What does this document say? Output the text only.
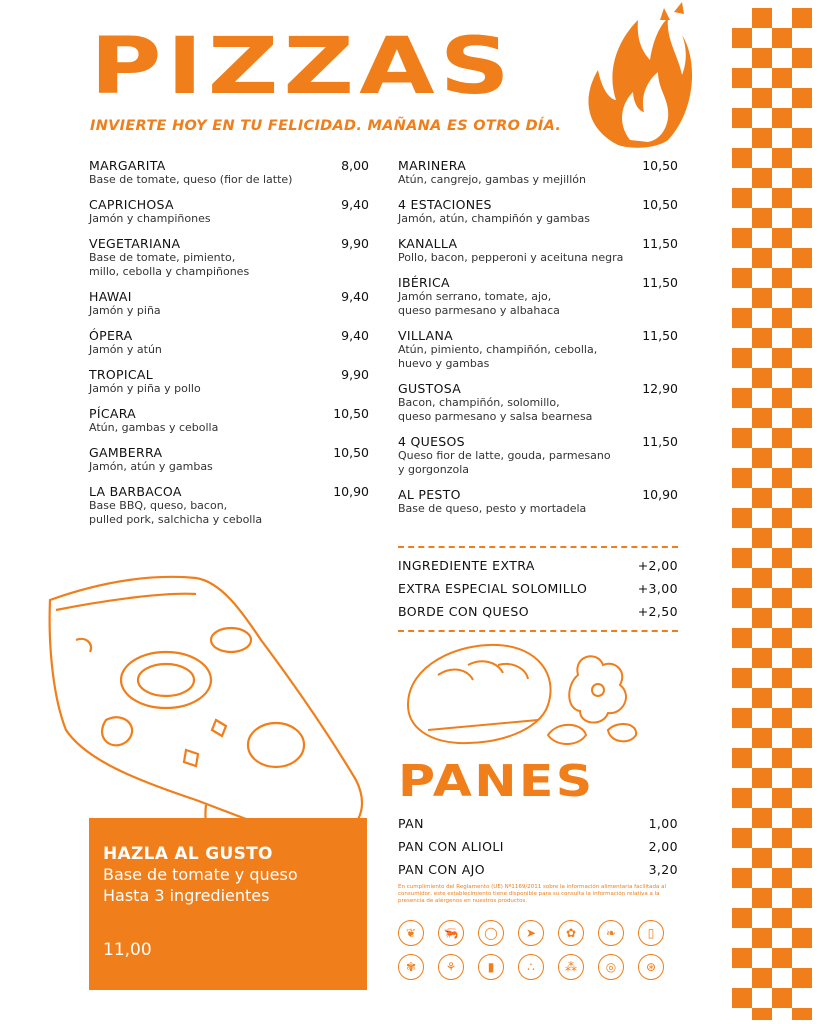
PIZZAS
INVIERTE HOY EN TU FELICIDAD. MAÑANA ES OTRO DÍA.
MARGARITA	8,00
Base de tomate, queso (fior de latte)
CAPRICHOSA	9,40
Jamón y champiñones
VEGETARIANA	9,90
Base de tomate, pimiento,
millo, cebolla y champiñones
HAWAI	9,40
Jamón y piña
ÓPERA	9,40
Jamón y atún
TROPICAL	9,90
Jamón y piña y pollo
PÍCARA	10,50
Atún, gambas y cebolla
GAMBERRA	10,50
Jamón, atún y gambas
LA BARBACOA	10,90
Base BBQ, queso, bacon,
pulled pork, salchicha y cebolla
MARINERA	10,50
Atún, cangrejo, gambas y mejillón
4 ESTACIONES	10,50
Jamón, atún, champiñón y gambas
KANALLA	11,50
Pollo, bacon, pepperoni y aceituna negra
IBÉRICA	11,50
Jamón serrano, tomate, ajo,
queso parmesano y albahaca
VILLANA	11,50
Atún, pimiento, champiñón, cebolla,
huevo y gambas
GUSTOSA	12,90
Bacon, champiñón, solomillo,
queso parmesano y salsa bearnesa
4 QUESOS	11,50
Queso fior de latte, gouda, parmesano
y gorgonzola
AL PESTO	10,90
Base de queso, pesto y mortadela
INGREDIENTE EXTRA	+2,00
EXTRA ESPECIAL SOLOMILLO	+3,00
BORDE CON QUESO	+2,50
PANES
PAN	1,00
PAN CON ALIOLI	2,00
PAN CON AJO	3,20
En cumplimiento del Reglamento (UE) Nº1169/2011 sobre la información alimentaria facilitada al consumidor, este establecimiento tiene disponible para su consulta la información relativa a la presencia de alérgenos en nuestros productos.
❦	🦐	◯	➤	✿	❧	▯
✾	⚘	▮	∴	⁂	◎	⊛
HAZLA AL GUSTO
Base de tomate y queso
Hasta 3 ingredientes
11,00
